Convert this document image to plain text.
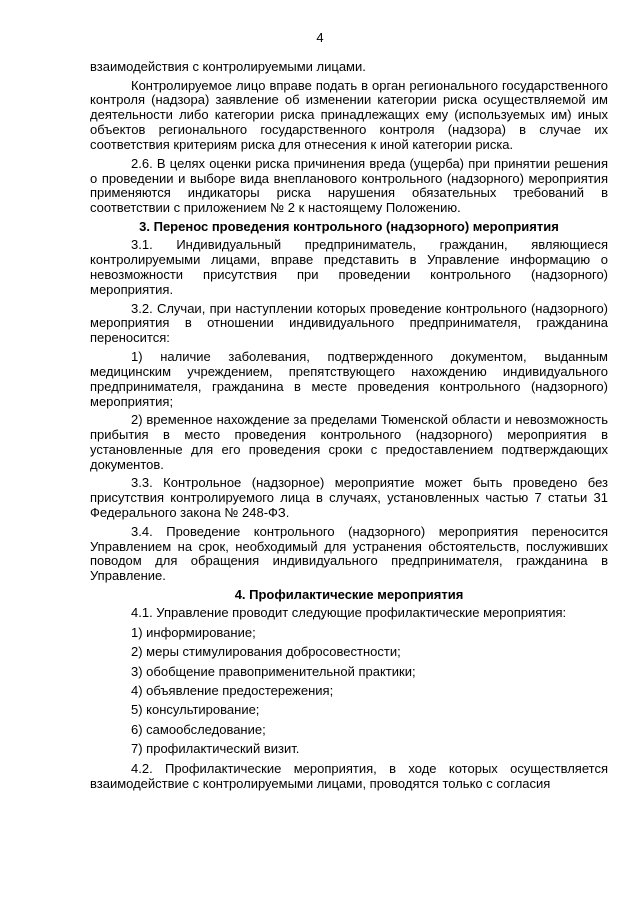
4

взаимодействия с контролируемыми лицами.

Контролируемое лицо вправе подать в орган регионального государственного контроля (надзора) заявление об изменении категории риска осуществляемой им деятельности либо категории риска принадлежащих ему (используемых им) иных объектов регионального государственного контроля (надзора) в случае их соответствия критериям риска для отнесения к иной категории риска.

2.6. В целях оценки риска причинения вреда (ущерба) при принятии решения о проведении и выборе вида внепланового контрольного (надзорного) мероприятия применяются индикаторы риска нарушения обязательных требований в соответствии с приложением № 2 к настоящему Положению.

3. Перенос проведения контрольного (надзорного) мероприятия

3.1. Индивидуальный предприниматель, гражданин, являющиеся контролируемыми лицами, вправе представить в Управление информацию о невозможности присутствия при проведении контрольного (надзорного) мероприятия.

3.2. Случаи, при наступлении которых проведение контрольного (надзорного) мероприятия в отношении индивидуального предпринимателя, гражданина переносится:

1) наличие заболевания, подтвержденного документом, выданным медицинским учреждением, препятствующего нахождению индивидуального предпринимателя, гражданина в месте проведения контрольного (надзорного) мероприятия;

2) временное нахождение за пределами Тюменской области и невозможность прибытия в место проведения контрольного (надзорного) мероприятия в установленные для его проведения сроки с предоставлением подтверждающих документов.

3.3. Контрольное (надзорное) мероприятие может быть проведено без присутствия контролируемого лица в случаях, установленных частью 7 статьи 31 Федерального закона № 248-ФЗ.

3.4. Проведение контрольного (надзорного) мероприятия переносится Управлением на срок, необходимый для устранения обстоятельств, послуживших поводом для обращения индивидуального предпринимателя, гражданина в Управление.

4. Профилактические мероприятия

4.1. Управление проводит следующие профилактические мероприятия:

1) информирование;

2) меры стимулирования добросовестности;

3) обобщение правоприменительной практики;

4) объявление предостережения;

5) консультирование;

6) самообследование;

7) профилактический визит.

4.2. Профилактические мероприятия, в ходе которых осуществляется взаимодействие с контролируемыми лицами, проводятся только с согласия
